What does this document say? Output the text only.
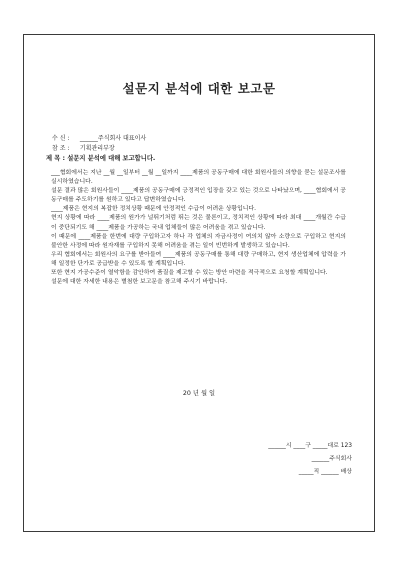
설문지 분석에 대한 보고문
수 신 : ______주식회사 대표이사
참 조 : 기획관리부장
제 목 : 설문지 분석에 대해 보고합니다.

___협회에서는 지난 __월 __일부터 __월 __일까지 ____제품의 공동구매에 대한 회원사들의 의향을 묻는 설문조사를 실시하였습니다.

설문 결과 많은 회원사들이 ____제품의 공동구매에 긍정적인 입장을 갖고 있는 것으로 나타났으며, ____협회에서 공동구매를 주도하기를 원하고 있다고 답변하였습니다.

____제품은 현지의 복잡한 정치상황 때문에 안정적인 수급이 어려운 상황입니다.

현지 상황에 따라 ____제품의 원가가 널뛰기처럼 뛰는 것은 물론이고, 정치적인 상황에 따라 최대 ____개월간 수급이 중단되기도 해 ____제품을 가공하는 국내 업체들이 많은 어려움을 겪고 있습니다.

이 때문에 ____제품을 한번에 대량 구입하고자 하나 각 업체의 자금사정이 여의치 않아 소량으로 구입하고 현지의 불안한 사정에 따라 원자재를 구입하지 못해 어려움을 겪는 일이 빈번하게 발생하고 있습니다.

우리 협회에서는 회원사의 요구를 받아들여 ____제품의 공동구매를 통해 대량 구매하고, 현지 생산업체에 압력을 가해 일정한 단가로 공급받을 수 있도록 할 계획입니다.

또한 현지 가공수준이 열악함을 감안하여 품질을 제고할 수 있는 방안 마련을 적극적으로 요청할 계획입니다.

설문에 대한 자세한 내용은 별첨한 보고문을 참고해 주시기 바랍니다.

20 년 월 일
______시 ____구 _____대로 123
______주식회사
_____직 ______ 배상
